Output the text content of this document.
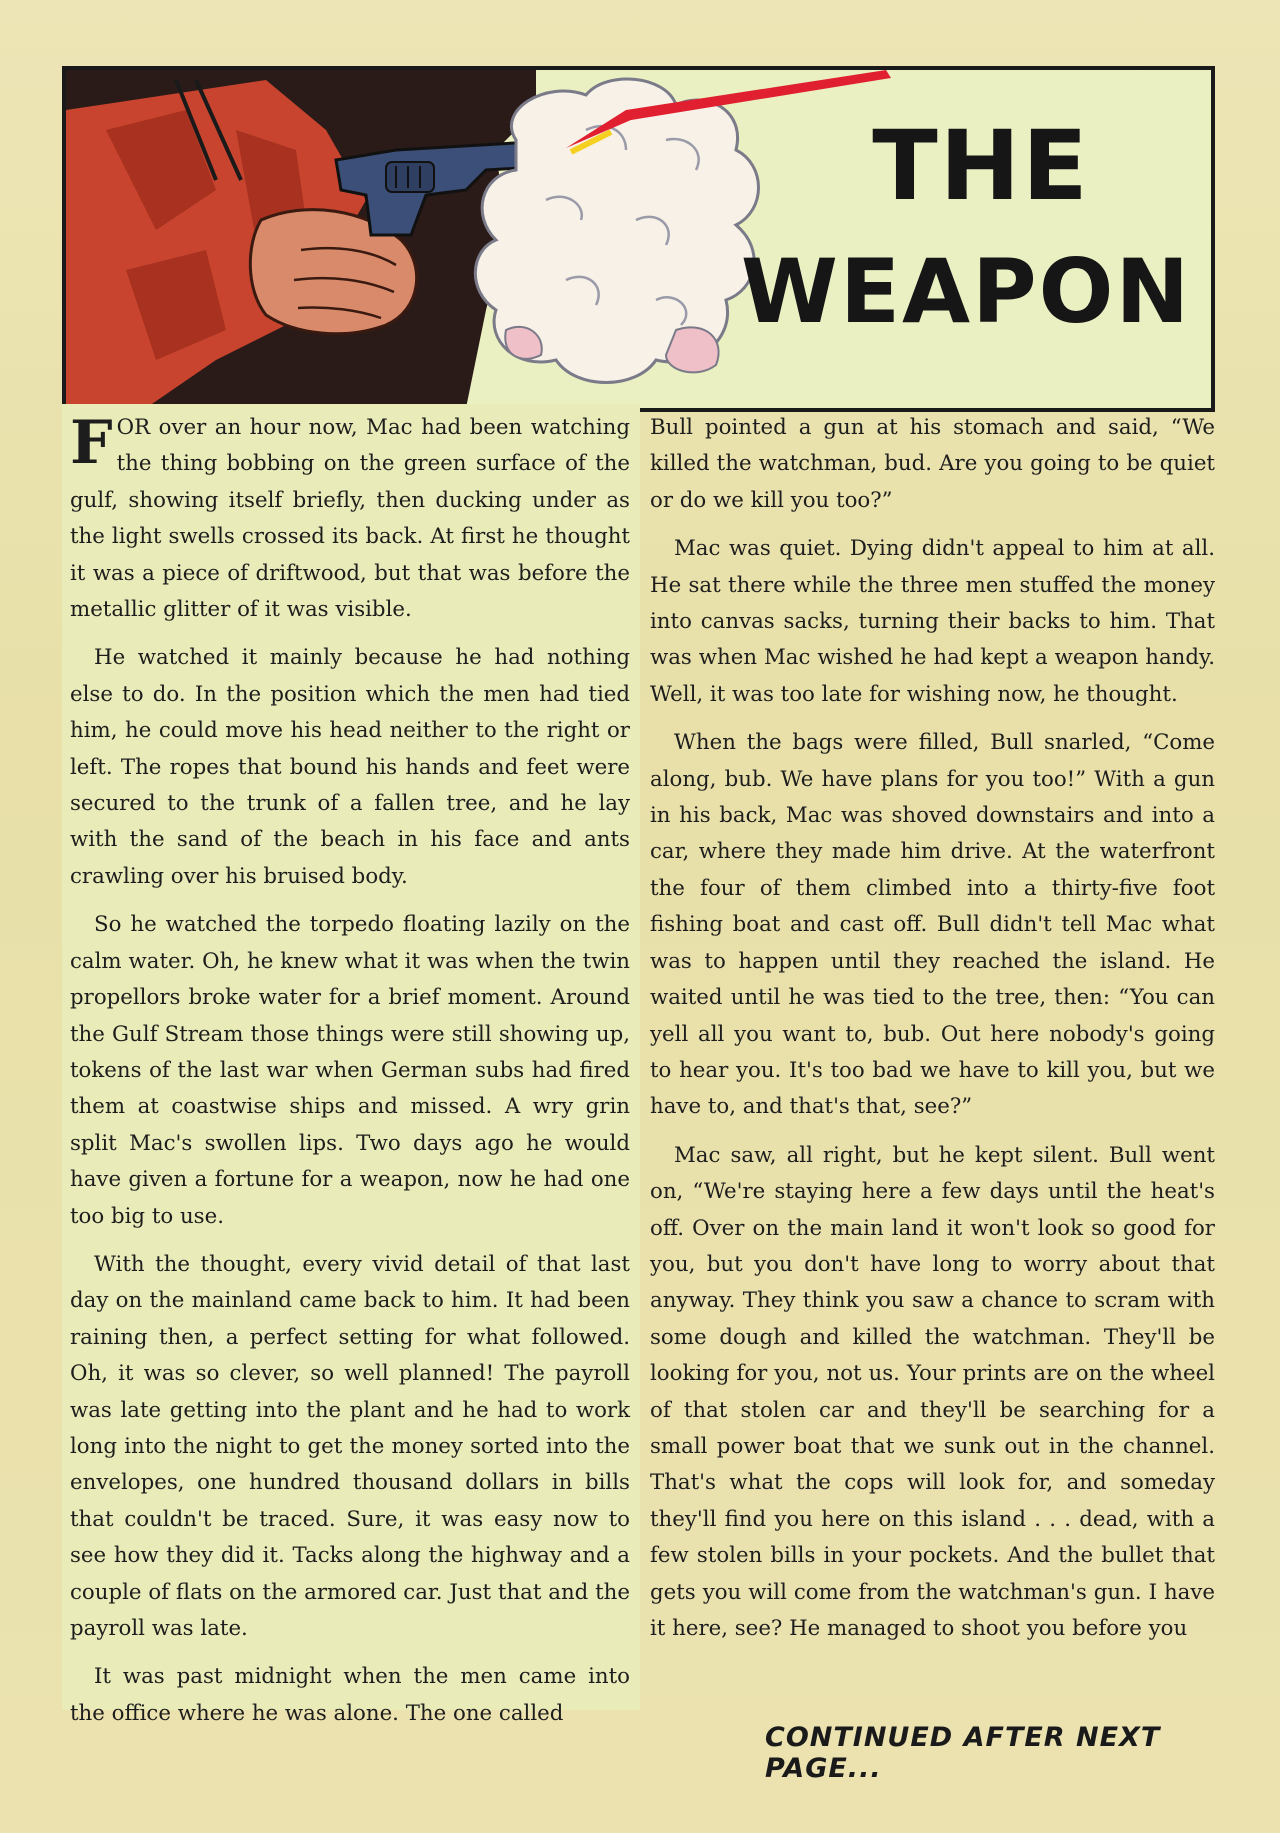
THE
WEAPON

FOR over an hour now, Mac had been watching the thing bobbing on the green surface of the gulf, showing itself briefly, then ducking under as the light swells crossed its back. At first he thought it was a piece of driftwood, but that was before the metallic glitter of it was visible.

He watched it mainly because he had nothing else to do. In the position which the men had tied him, he could move his head neither to the right or left. The ropes that bound his hands and feet were secured to the trunk of a fallen tree, and he lay with the sand of the beach in his face and ants crawling over his bruised body.

So he watched the torpedo floating lazily on the calm water. Oh, he knew what it was when the twin propellors broke water for a brief moment. Around the Gulf Stream those things were still showing up, tokens of the last war when German subs had fired them at coastwise ships and missed. A wry grin split Mac's swollen lips. Two days ago he would have given a fortune for a weapon, now he had one too big to use.

With the thought, every vivid detail of that last day on the mainland came back to him. It had been raining then, a perfect setting for what followed. Oh, it was so clever, so well planned! The payroll was late getting into the plant and he had to work long into the night to get the money sorted into the envelopes, one hundred thousand dollars in bills that couldn't be traced. Sure, it was easy now to see how they did it. Tacks along the highway and a couple of flats on the armored car. Just that and the payroll was late.

It was past midnight when the men came into the office where he was alone. The one called

Bull pointed a gun at his stomach and said, “We killed the watchman, bud. Are you going to be quiet or do we kill you too?”

Mac was quiet. Dying didn't appeal to him at all. He sat there while the three men stuffed the money into canvas sacks, turning their backs to him. That was when Mac wished he had kept a weapon handy. Well, it was too late for wishing now, he thought.

When the bags were filled, Bull snarled, “Come along, bub. We have plans for you too!” With a gun in his back, Mac was shoved downstairs and into a car, where they made him drive. At the waterfront the four of them climbed into a thirty-five foot fishing boat and cast off. Bull didn't tell Mac what was to happen until they reached the island. He waited until he was tied to the tree, then: “You can yell all you want to, bub. Out here nobody's going to hear you. It's too bad we have to kill you, but we have to, and that's that, see?”

Mac saw, all right, but he kept silent. Bull went on, “We're staying here a few days until the heat's off. Over on the main land it won't look so good for you, but you don't have long to worry about that anyway. They think you saw a chance to scram with some dough and killed the watchman. They'll be looking for you, not us. Your prints are on the wheel of that stolen car and they'll be searching for a small power boat that we sunk out in the channel. That's what the cops will look for, and someday they'll find you here on this island . . . dead, with a few stolen bills in your pockets. And the bullet that gets you will come from the watchman's gun. I have it here, see? He managed to shoot you before you

CONTINUED AFTER NEXT PAGE...
